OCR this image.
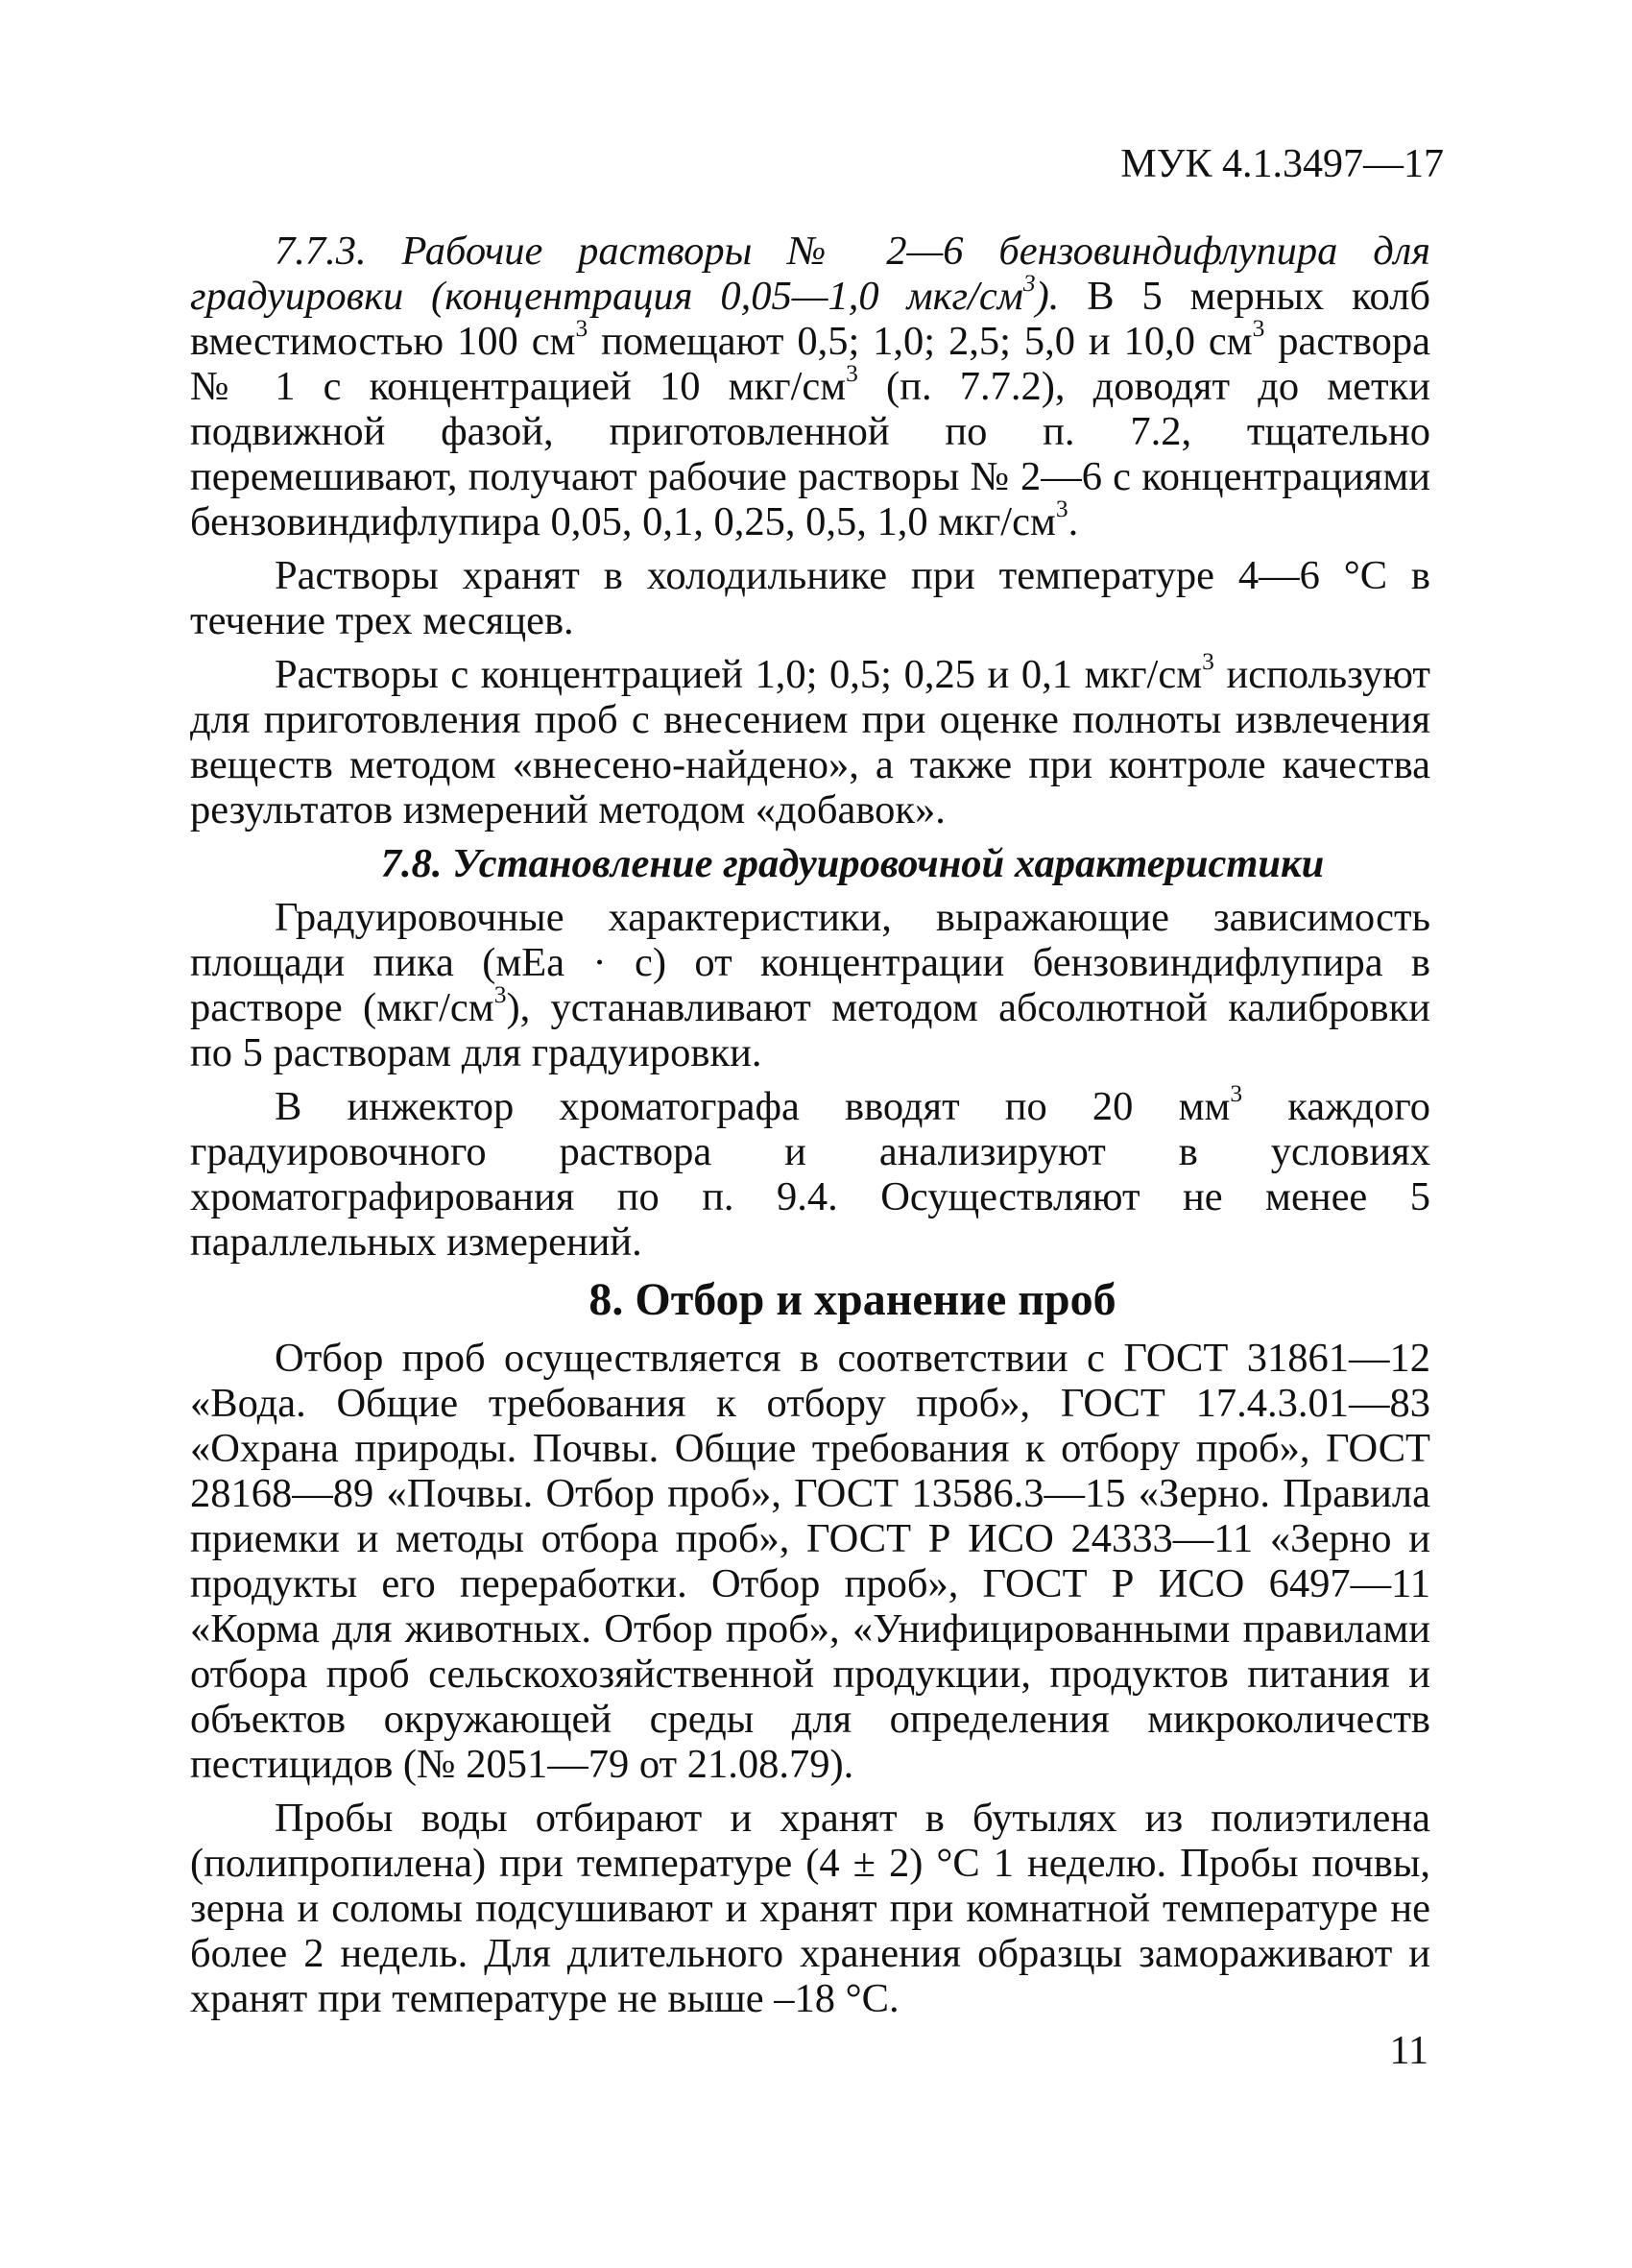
МУК 4.1.3497—17

7.7.3. Рабочие растворы № 2—6 бензовиндифлупира для градуировки (концентрация 0,05—1,0 мкг/$см^3$). В 5 мерных колб вместимостью 100 $см^3$ помещают 0,5; 1,0; 2,5; 5,0 и 10,0 $см^3$ раствора № 1 с концентрацией 10 мкг/$см^3$ (п. 7.7.2), доводят до метки подвижной фазой, приготовленной по п. 7.2, тщательно перемешивают, получают рабочие растворы № 2—6 с концентрациями бензовиндифлупира 0,05, 0,1, 0,25, 0,5, 1,0 мкг/$см^3$.

Растворы хранят в холодильнике при температуре 4—6 °С в течение трех месяцев.

Растворы с концентрацией 1,0; 0,5; 0,25 и 0,1 мкг/$см^3$ используют для приготовления проб с внесением при оценке полноты извлечения веществ методом «внесено-найдено», а также при контроле качества результатов измерений методом «добавок».

7.8. Установление градуировочной характеристики

Градуировочные характеристики, выражающие зависимость площади пика (мЕа · с) от концентрации бензовиндифлупира в растворе $(мкг/см^3)$, устанавливают методом абсолютной калибровки по 5 растворам для градуировки.

В инжектор хроматографа вводят по 20 $мм^3$ каждого градуировочного раствора и анализируют в условиях хроматографирования по п. 9.4. Осуществляют не менее 5 параллельных измерений.

8. Отбор и хранение проб

Отбор проб осуществляется в соответствии с ГОСТ 31861—12 «Вода. Общие требования к отбору проб», ГОСТ 17.4.3.01—83 «Охрана природы. Почвы. Общие требования к отбору проб», ГОСТ 28168—89 «Почвы. Отбор проб», ГОСТ 13586.3—15 «Зерно. Правила приемки и методы отбора проб», ГОСТ Р ИСО 24333—11 «Зерно и продукты его переработки. Отбор проб», ГОСТ Р ИСО 6497—11 «Корма для животных. Отбор проб», «Унифицированными правилами отбора проб сельскохозяйственной продукции, продуктов питания и объектов окружающей среды для определения микроколичеств пестицидов (№ 2051—79 от 21.08.79).

Пробы воды отбирают и хранят в бутылях из полиэтилена (полипропилена) при температуре (4 ± 2) °С 1 неделю. Пробы почвы, зерна и соломы подсушивают и хранят при комнатной температуре не более 2 недель. Для длительного хранения образцы замораживают и хранят при температуре не выше –18 °С.

11
